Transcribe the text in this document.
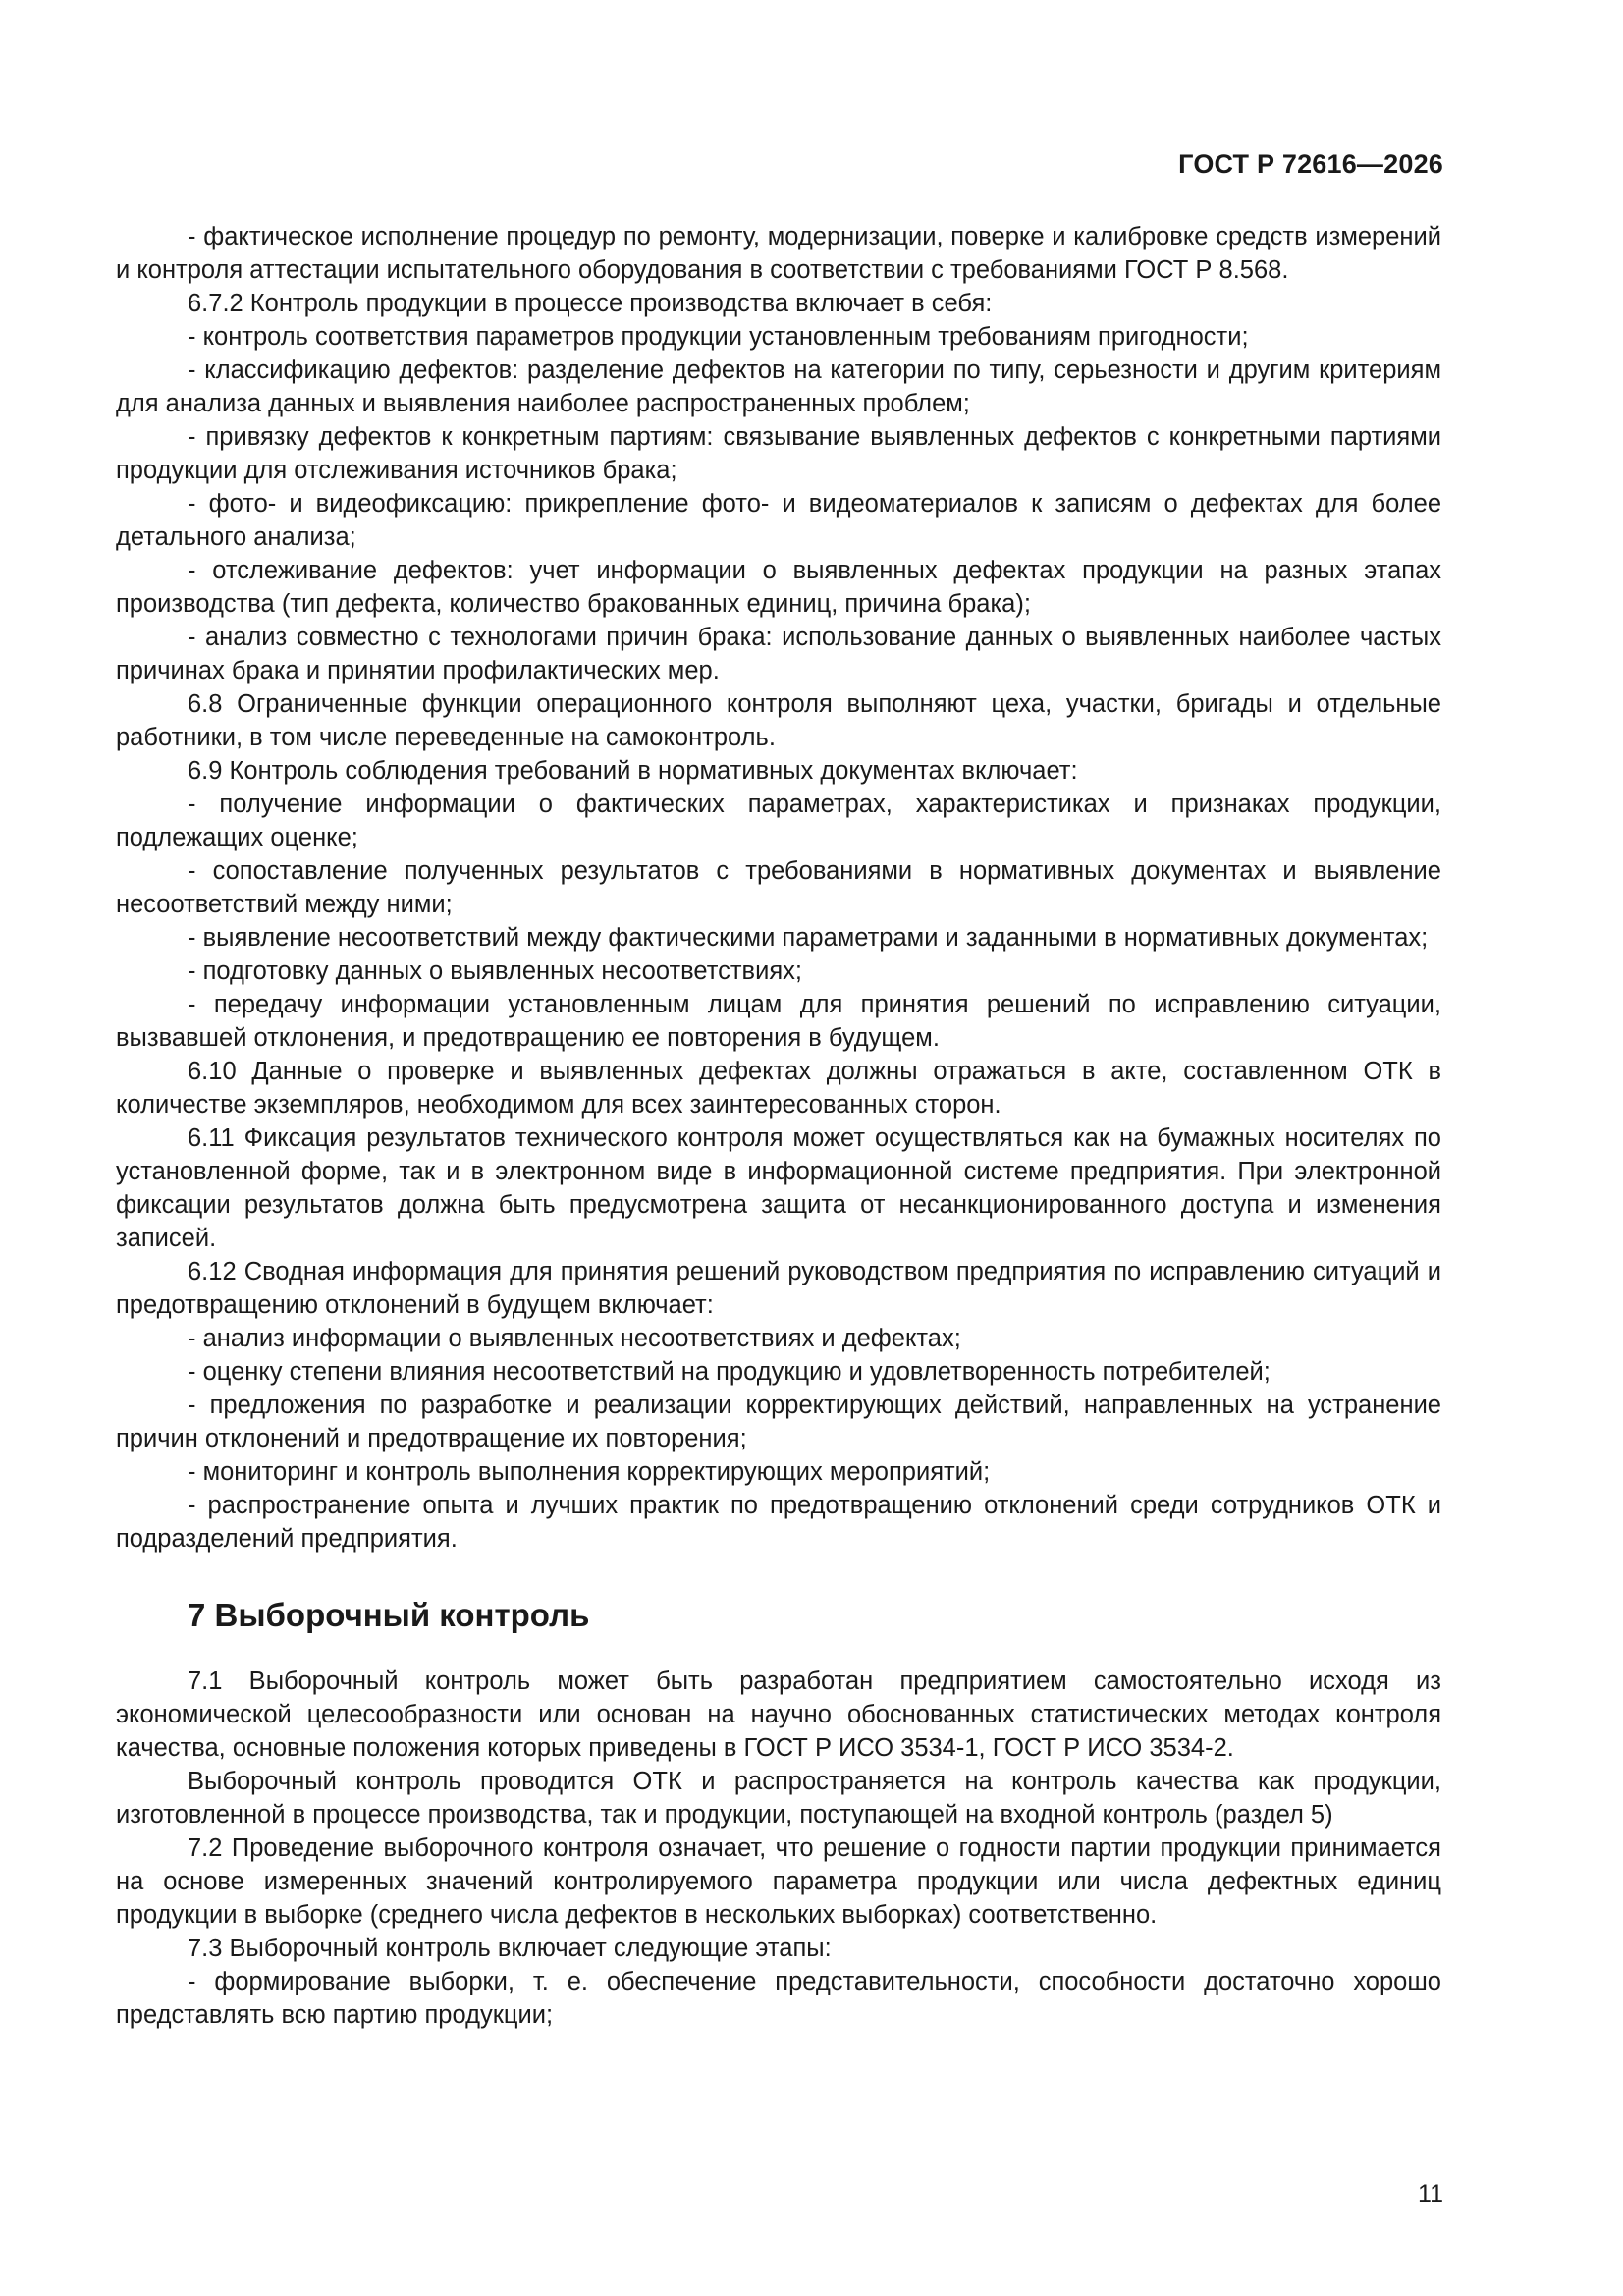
ГОСТ Р 72616—2026

- фактическое исполнение процедур по ремонту, модернизации, поверке и калибровке средств измерений и контроля аттестации испытательного оборудования в соответствии с требованиями ГОСТ Р 8.568.

6.7.2 Контроль продукции в процессе производства включает в себя:

- контроль соответствия параметров продукции установленным требованиям пригодности;

- классификацию дефектов: разделение дефектов на категории по типу, серьезности и другим критериям для анализа данных и выявления наиболее распространенных проблем;

- привязку дефектов к конкретным партиям: связывание выявленных дефектов с конкретными партиями продукции для отслеживания источников брака;

- фото- и видеофиксацию: прикрепление фото- и видеоматериалов к записям о дефектах для более детального анализа;

- отслеживание дефектов: учет информации о выявленных дефектах продукции на разных этапах производства (тип дефекта, количество бракованных единиц, причина брака);

- анализ совместно с технологами причин брака: использование данных о выявленных наиболее частых причинах брака и принятии профилактических мер.

6.8 Ограниченные функции операционного контроля выполняют цеха, участки, бригады и отдельные работники, в том числе переведенные на самоконтроль.

6.9 Контроль соблюдения требований в нормативных документах включает:

- получение информации о фактических параметрах, характеристиках и признаках продукции, подлежащих оценке;

- сопоставление полученных результатов с требованиями в нормативных документах и выявление несоответствий между ними;

- выявление несоответствий между фактическими параметрами и заданными в нормативных документах;

- подготовку данных о выявленных несоответствиях;

- передачу информации установленным лицам для принятия решений по исправлению ситуации, вызвавшей отклонения, и предотвращению ее повторения в будущем.

6.10 Данные о проверке и выявленных дефектах должны отражаться в акте, составленном ОТК в количестве экземпляров, необходимом для всех заинтересованных сторон.

6.11 Фиксация результатов технического контроля может осуществляться как на бумажных носителях по установленной форме, так и в электронном виде в информационной системе предприятия. При электронной фиксации результатов должна быть предусмотрена защита от несанкционированного доступа и изменения записей.

6.12 Сводная информация для принятия решений руководством предприятия по исправлению ситуаций и предотвращению отклонений в будущем включает:

- анализ информации о выявленных несоответствиях и дефектах;

- оценку степени влияния несоответствий на продукцию и удовлетворенность потребителей;

- предложения по разработке и реализации корректирующих действий, направленных на устранение причин отклонений и предотвращение их повторения;

- мониторинг и контроль выполнения корректирующих мероприятий;

- распространение опыта и лучших практик по предотвращению отклонений среди сотрудников ОТК и подразделений предприятия.

7 Выборочный контроль

7.1 Выборочный контроль может быть разработан предприятием самостоятельно исходя из экономической целесообразности или основан на научно обоснованных статистических методах контроля качества, основные положения которых приведены в ГОСТ Р ИСО 3534-1, ГОСТ Р ИСО 3534-2.

Выборочный контроль проводится ОТК и распространяется на контроль качества как продукции, изготовленной в процессе производства, так и продукции, поступающей на входной контроль (раздел 5)

7.2 Проведение выборочного контроля означает, что решение о годности партии продукции принимается на основе измеренных значений контролируемого параметра продукции или числа дефектных единиц продукции в выборке (среднего числа дефектов в нескольких выборках) соответственно.

7.3 Выборочный контроль включает следующие этапы:

- формирование выборки, т. е. обеспечение представительности, способности достаточно хорошо представлять всю партию продукции;

11
